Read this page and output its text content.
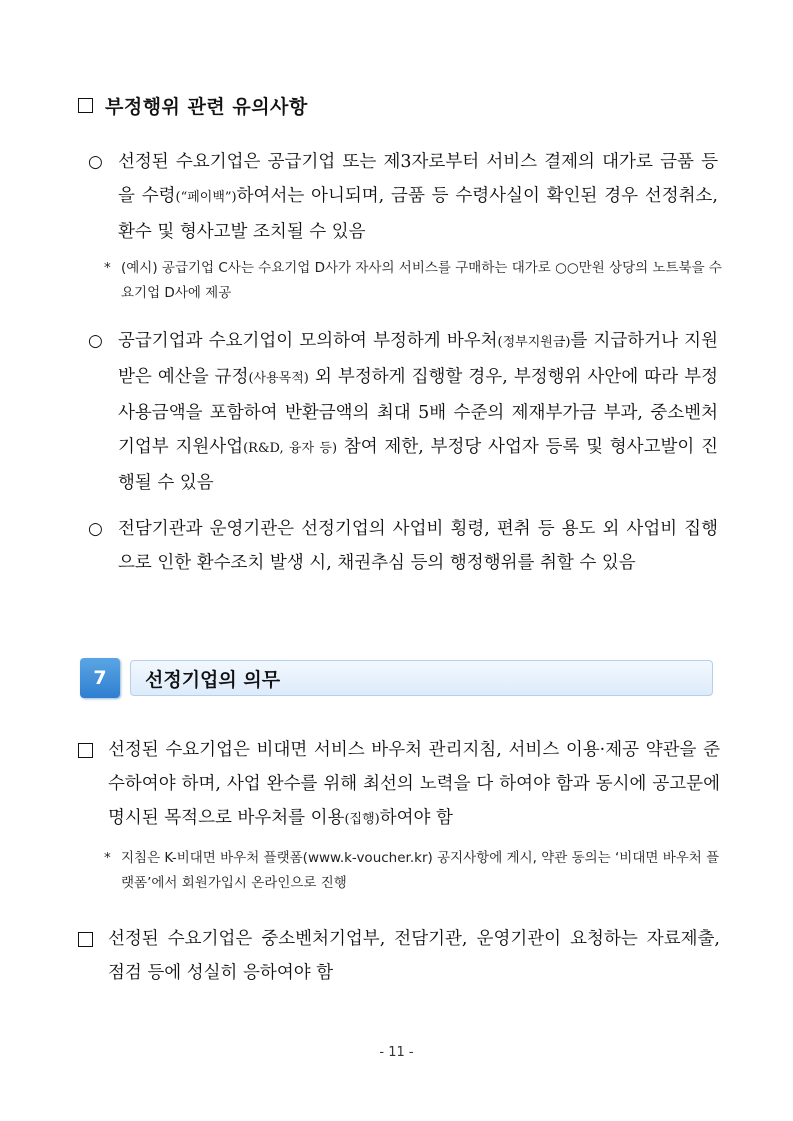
부정행위 관련 유의사항
○ 선정된 수요기업은 공급기업 또는 제3자로부터 서비스 결제의 대가로 금품 등을 수령(“페이백”)하여서는 아니되며, 금품 등 수령사실이 확인된 경우 선정취소, 환수 및 형사고발 조치될 수 있음
* (예시) 공급기업 C사는 수요기업 D사가 자사의 서비스를 구매하는 대가로 ○○만원 상당의 노트북을 수요기업 D사에 제공
○ 공급기업과 수요기업이 모의하여 부정하게 바우처(정부지원금)를 지급하거나 지원받은 예산을 규정(사용목적) 외 부정하게 집행할 경우, 부정행위 사안에 따라 부정사용금액을 포함하여 반환금액의 최대 5배 수준의 제재부가금 부과, 중소벤처기업부 지원사업(R&D, 융자 등) 참여 제한, 부정당 사업자 등록 및 형사고발이 진행될 수 있음
○ 전담기관과 운영기관은 선정기업의 사업비 횡령, 편취 등 용도 외 사업비 집행으로 인한 환수조치 발생 시, 채권추심 등의 행정행위를 취할 수 있음
7	선정기업의 의무
선정된 수요기업은 비대면 서비스 바우처 관리지침, 서비스 이용·제공 약관을 준수하여야 하며, 사업 완수를 위해 최선의 노력을 다 하여야 함과 동시에 공고문에 명시된 목적으로 바우처를 이용(집행)하여야 함
* 지침은 K-비대면 바우처 플랫폼(www.k-voucher.kr) 공지사항에 게시, 약관 동의는 ‘비대면 바우처 플랫폼’에서 회원가입시 온라인으로 진행
선정된 수요기업은 중소벤처기업부, 전담기관, 운영기관이 요청하는 자료제출, 점검 등에 성실히 응하여야 함
- 11 -
